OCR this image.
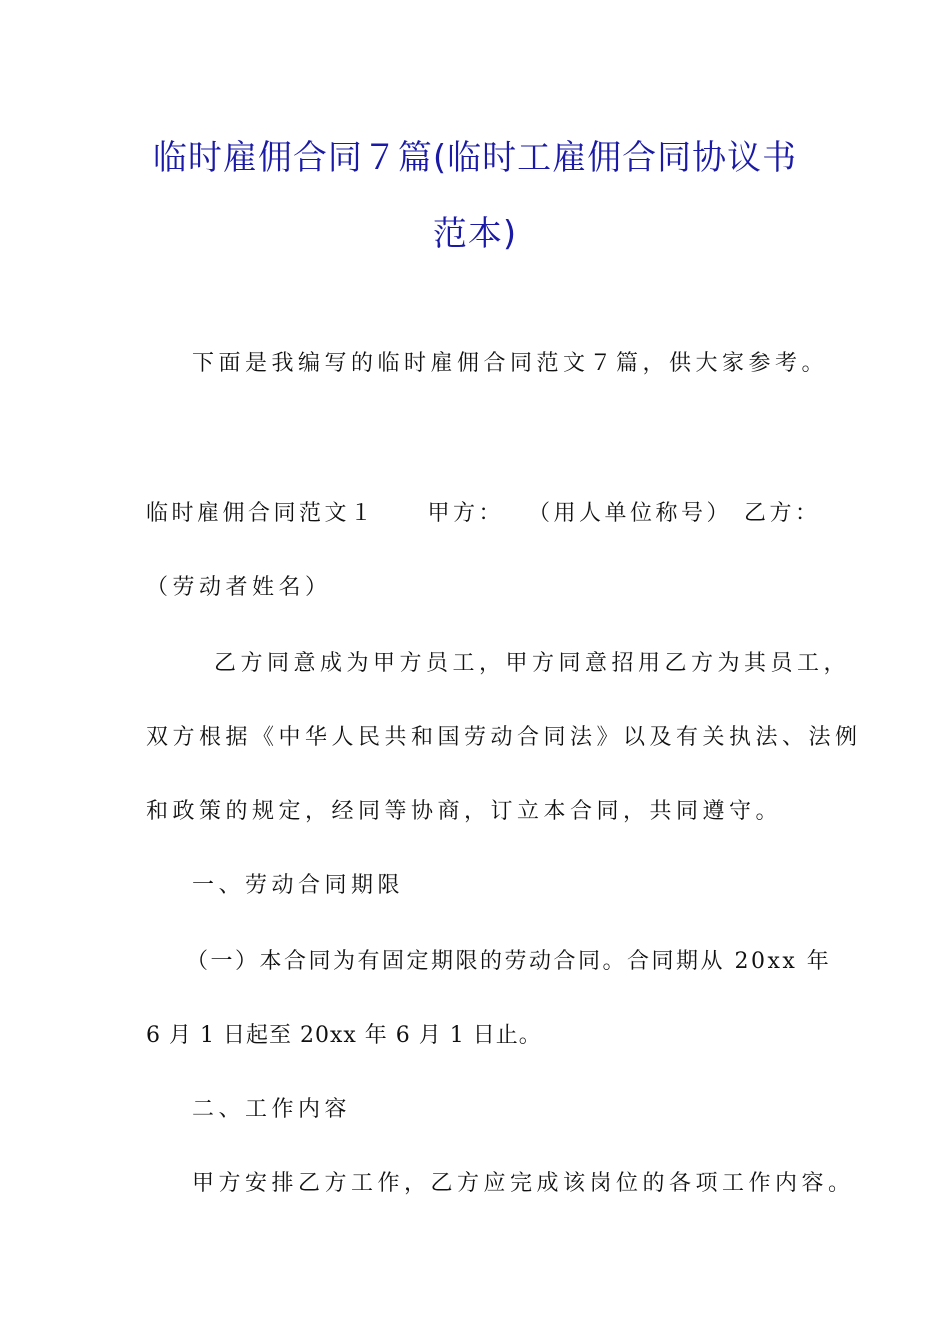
临时雇佣合同７篇(临时工雇佣合同协议书
范本)
下面是我编写的临时雇佣合同范文７篇，供大家参考。
临时雇佣合同范文１ 甲方： （用人单位称号） 乙方：
（劳动者姓名）
乙方同意成为甲方员工，甲方同意招用乙方为其员工，
双方根据《中华人民共和国劳动合同法》以及有关执法、法例
和政策的规定，经同等协商，订立本合同，共同遵守。
一、劳动合同期限
（一）本合同为有固定期限的劳动合同。合同期从 20xx 年
6 月 1 日起至 20xx 年 6 月 1 日止。
二、工作内容
甲方安排乙方工作，乙方应完成该岗位的各项工作内容。
